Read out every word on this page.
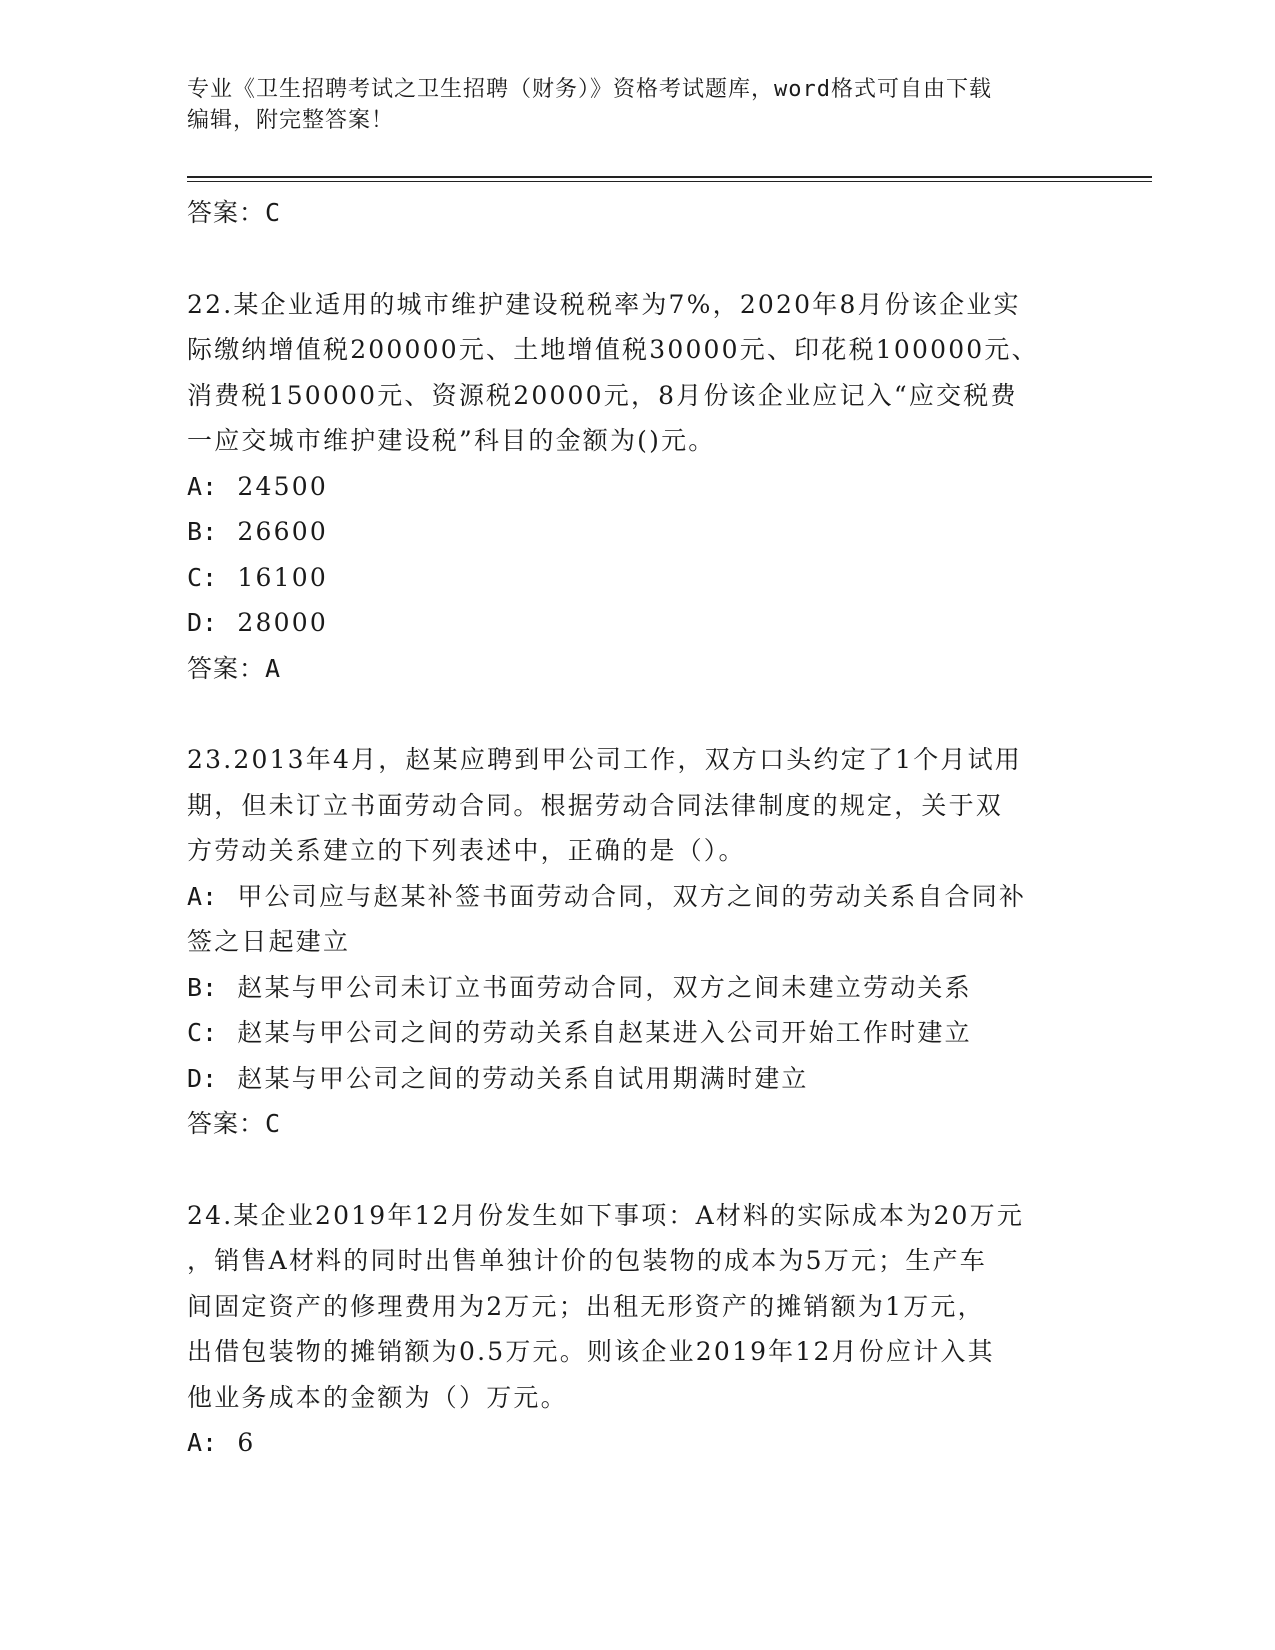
专业《卫生招聘考试之卫生招聘（财务）》资格考试题库，word格式可自由下载
编辑，附完整答案！
答案：C
22.某企业适用的城市维护建设税税率为7%，2020年8月份该企业实
际缴纳增值税200000元、土地增值税30000元、印花税100000元、
消费税150000元、资源税20000元，8月份该企业应记入“应交税费
一应交城市维护建设税”科目的金额为()元。
A: 24500
B: 26600
C: 16100
D: 28000
答案：A
23.2013年4月，赵某应聘到甲公司工作，双方口头约定了1个月试用
期，但未订立书面劳动合同。根据劳动合同法律制度的规定，关于双
方劳动关系建立的下列表述中，正确的是（）。
A: 甲公司应与赵某补签书面劳动合同，双方之间的劳动关系自合同补
签之日起建立
B: 赵某与甲公司未订立书面劳动合同，双方之间未建立劳动关系
C: 赵某与甲公司之间的劳动关系自赵某进入公司开始工作时建立
D: 赵某与甲公司之间的劳动关系自试用期满时建立
答案：C
24.某企业2019年12月份发生如下事项：A材料的实际成本为20万元
，销售A材料的同时出售单独计价的包装物的成本为5万元；生产车
间固定资产的修理费用为2万元；出租无形资产的摊销额为1万元，
出借包装物的摊销额为0.5万元。则该企业2019年12月份应计入其
他业务成本的金额为（）万元。
A: 6
